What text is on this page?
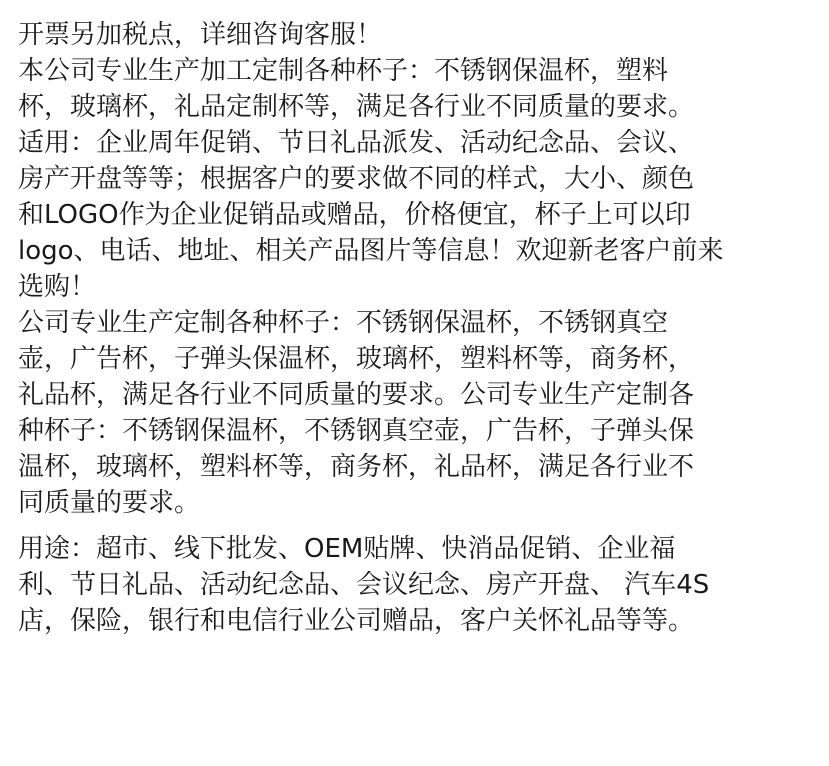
开票另加税点，详细咨询客服！
本公司专业生产加工定制各种杯子：不锈钢保温杯，塑料
杯，玻璃杯，礼品定制杯等，满足各行业不同质量的要求。
适用：企业周年促销、节日礼品派发、活动纪念品、会议、
房产开盘等等；根据客户的要求做不同的样式，大小、颜色
和LOGO作为企业促销品或赠品，价格便宜，杯子上可以印
logo、电话、地址、相关产品图片等信息！欢迎新老客户前来
选购！
公司专业生产定制各种杯子：不锈钢保温杯，不锈钢真空
壶，广告杯，子弹头保温杯，玻璃杯，塑料杯等，商务杯，
礼品杯，满足各行业不同质量的要求。公司专业生产定制各
种杯子：不锈钢保温杯，不锈钢真空壶，广告杯，子弹头保
温杯，玻璃杯，塑料杯等，商务杯，礼品杯，满足各行业不
同质量的要求。
用途：超市、线下批发、OEM贴牌、快消品促销、企业福
利、节日礼品、活动纪念品、会议纪念、房产开盘、 汽车4S
店，保险，银行和电信行业公司赠品，客户关怀礼品等等。
